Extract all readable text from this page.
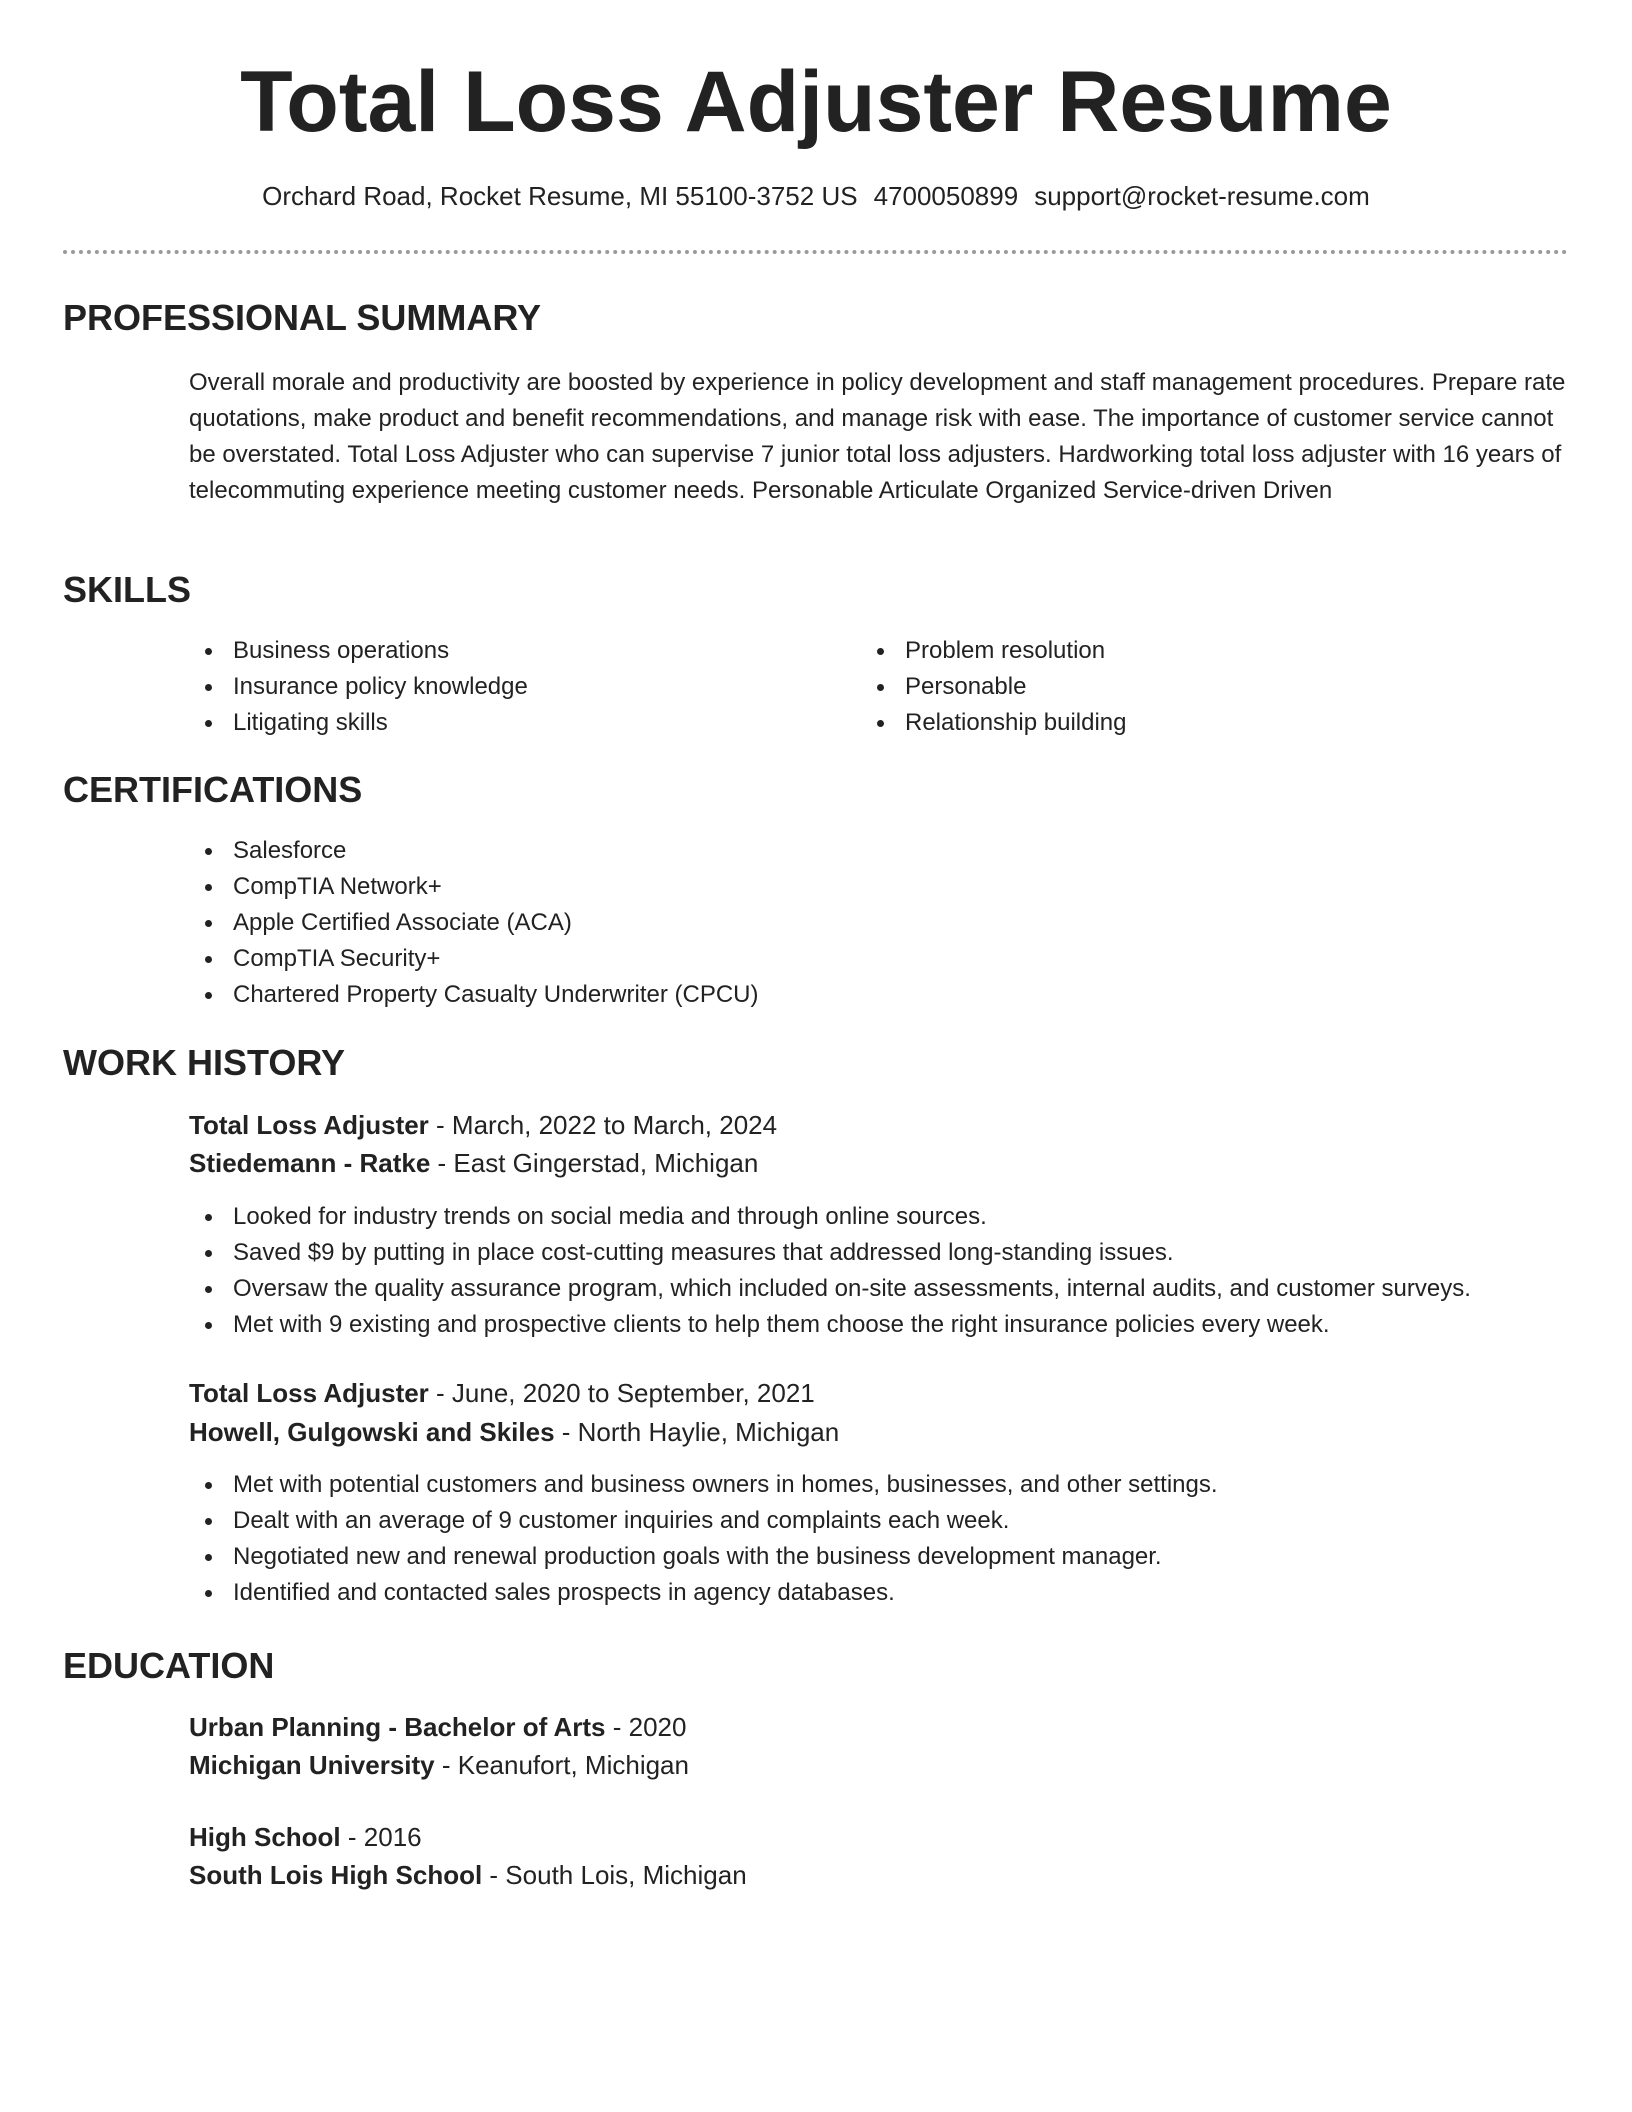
Total Loss Adjuster Resume
Orchard Road, Rocket Resume, MI 55100-3752 US 4700050899 support@rocket-resume.com
PROFESSIONAL SUMMARY

Overall morale and productivity are boosted by experience in policy development and staff management procedures. Prepare rate quotations, make product and benefit recommendations, and manage risk with ease. The importance of customer service cannot be overstated. Total Loss Adjuster who can supervise 7 junior total loss adjusters. Hardworking total loss adjuster with 16 years of telecommuting experience meeting customer needs. Personable Articulate Organized Service-driven Driven

SKILLS
Business operations
Insurance policy knowledge
Litigating skills
Problem resolution
Personable
Relationship building
CERTIFICATIONS
Salesforce
CompTIA Network+
Apple Certified Associate (ACA)
CompTIA Security+
Chartered Property Casualty Underwriter (CPCU)
WORK HISTORY
Total Loss Adjuster - March, 2022 to March, 2024
Stiedemann - Ratke - East Gingerstad, Michigan
Looked for industry trends on social media and through online sources.
Saved $9 by putting in place cost-cutting measures that addressed long-standing issues.
Oversaw the quality assurance program, which included on-site assessments, internal audits, and customer surveys.
Met with 9 existing and prospective clients to help them choose the right insurance policies every week.
Total Loss Adjuster - June, 2020 to September, 2021
Howell, Gulgowski and Skiles - North Haylie, Michigan
Met with potential customers and business owners in homes, businesses, and other settings.
Dealt with an average of 9 customer inquiries and complaints each week.
Negotiated new and renewal production goals with the business development manager.
Identified and contacted sales prospects in agency databases.
EDUCATION
Urban Planning - Bachelor of Arts - 2020
Michigan University - Keanufort, Michigan
High School - 2016
South Lois High School - South Lois, Michigan
